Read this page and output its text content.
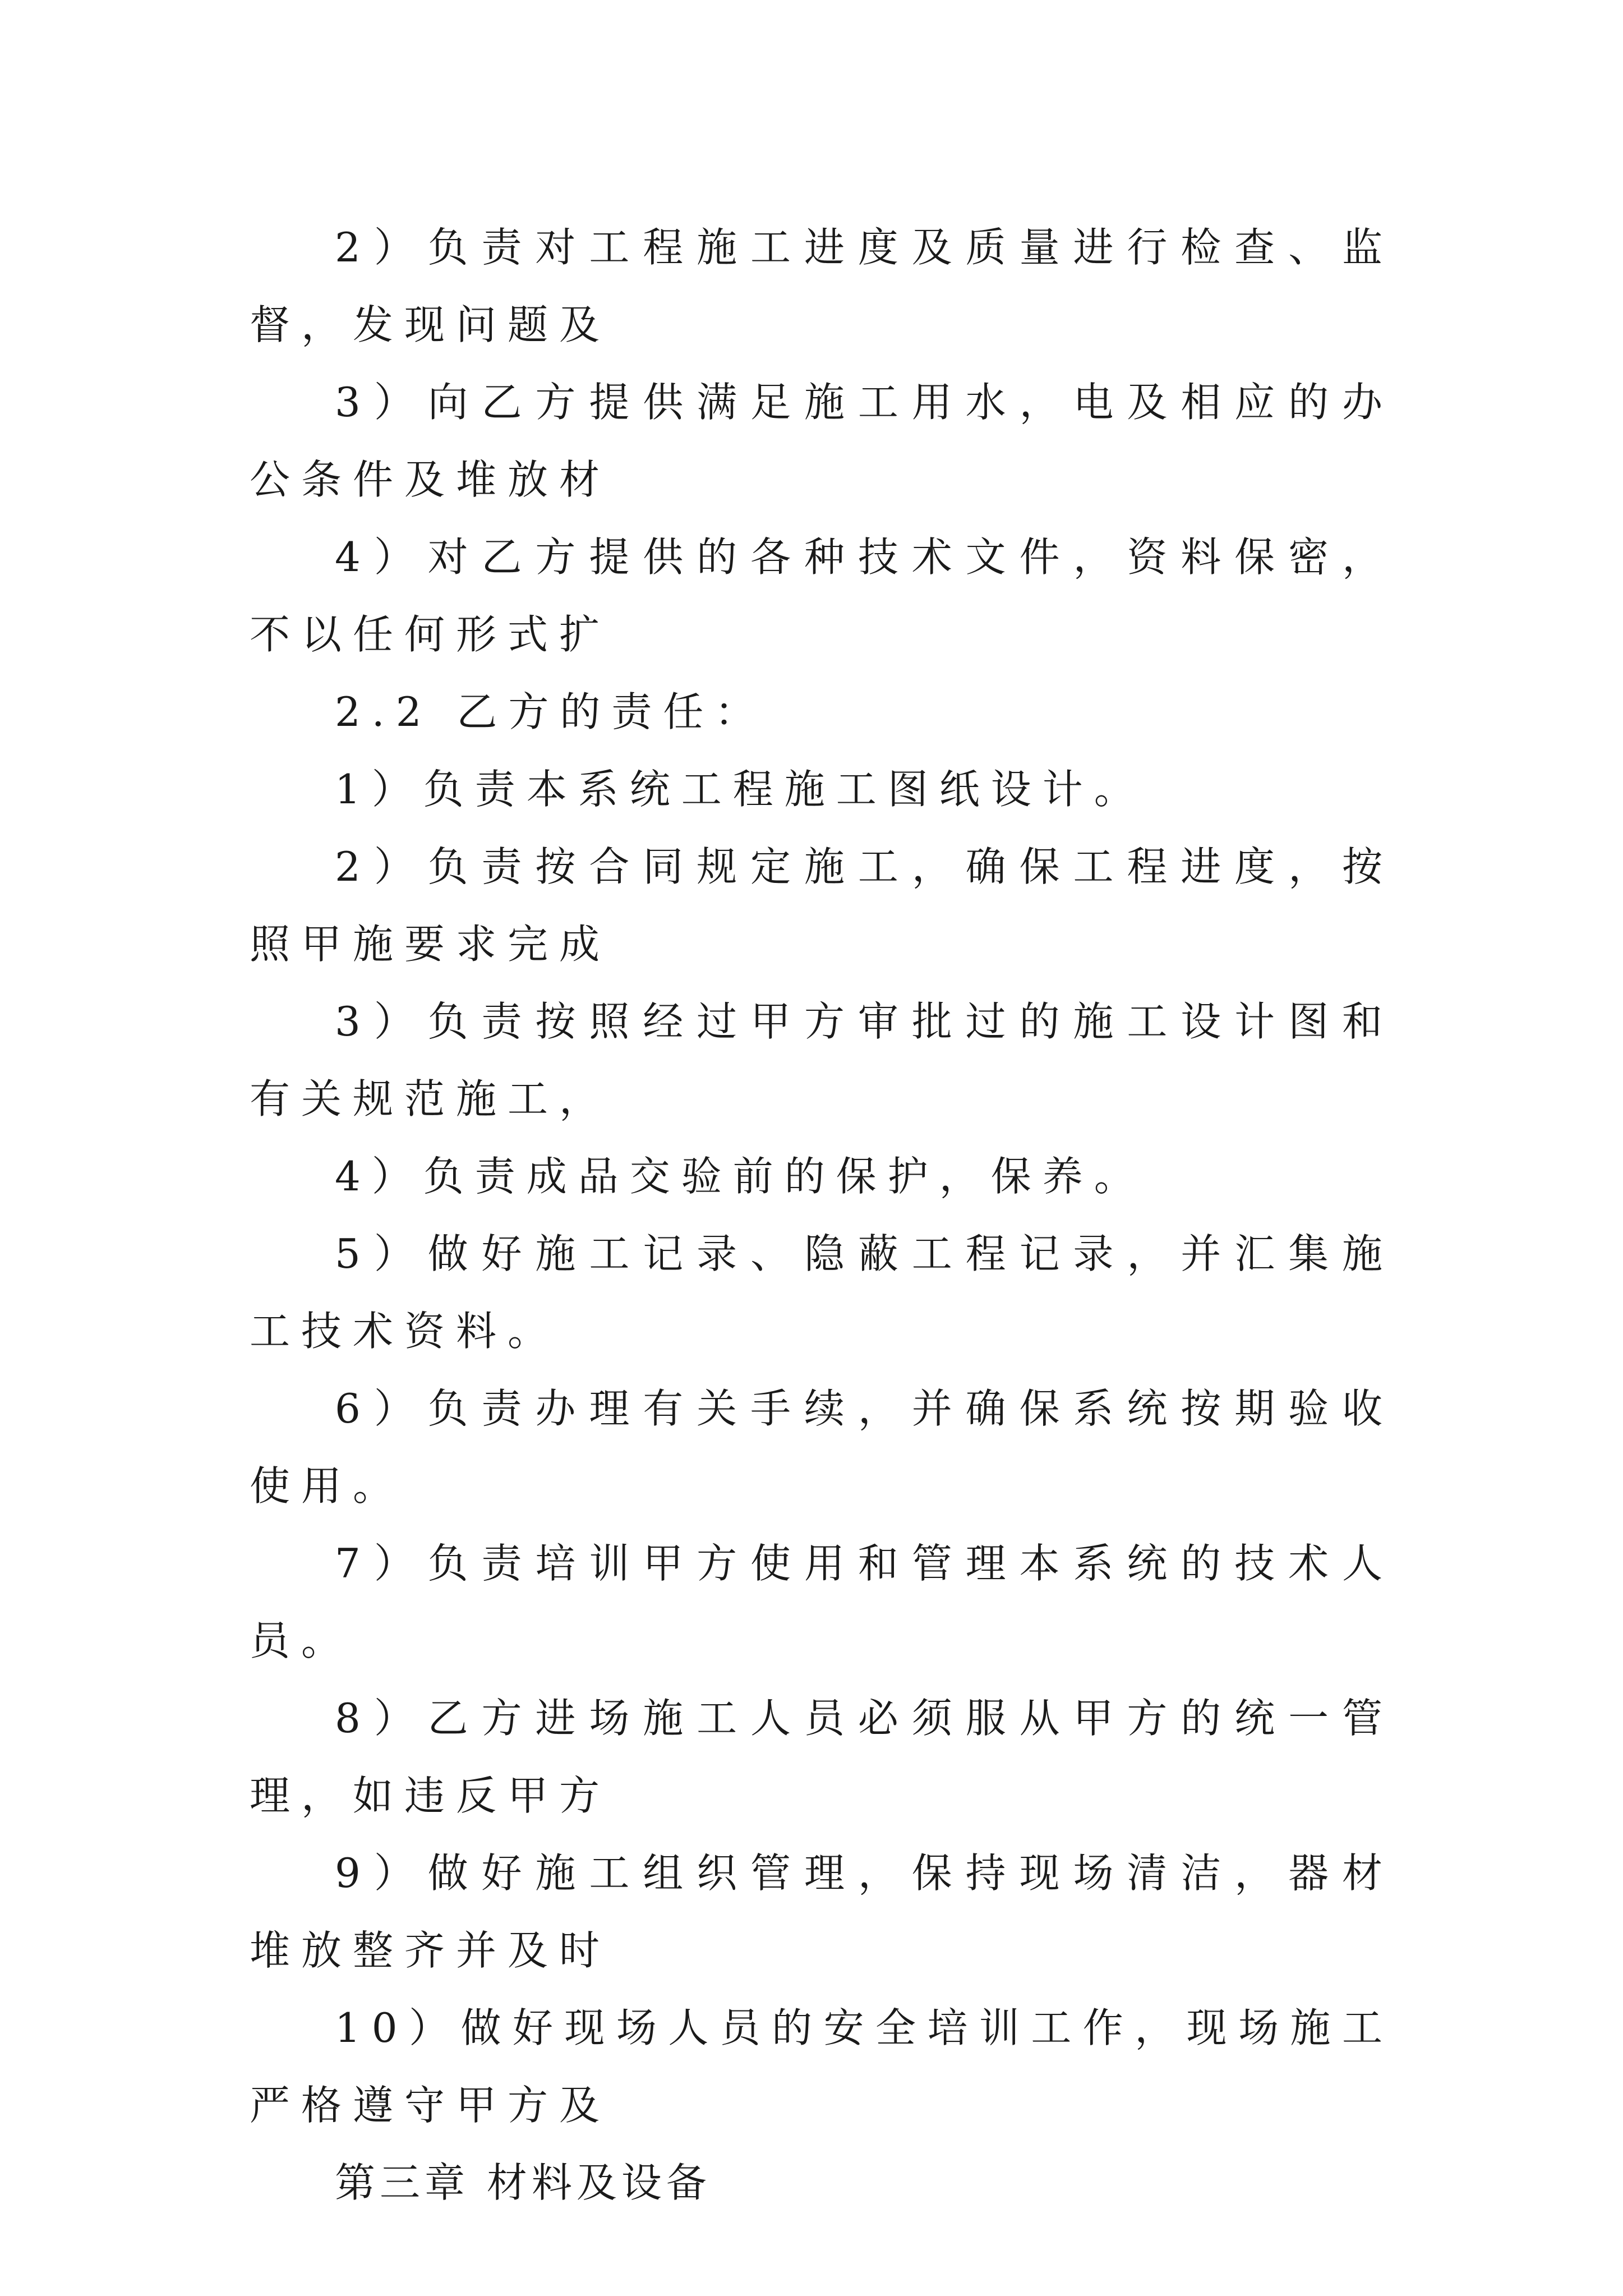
2）负责对工程施工进度及质量进行检查、监督，发现问题及

3）向乙方提供满足施工用水，电及相应的办公条件及堆放材

4）对乙方提供的各种技术文件，资料保密，不以任何形式扩

2.2 乙方的责任：

1）负责本系统工程施工图纸设计。

2）负责按合同规定施工，确保工程进度，按照甲施要求完成

3）负责按照经过甲方审批过的施工设计图和有关规范施工，

4）负责成品交验前的保护，保养。

5）做好施工记录、隐蔽工程记录，并汇集施工技术资料。

6）负责办理有关手续，并确保系统按期验收使用。

7）负责培训甲方使用和管理本系统的技术人员。

8）乙方进场施工人员必须服从甲方的统一管理，如违反甲方

9）做好施工组织管理，保持现场清洁，器材堆放整齐并及时

10）做好现场人员的安全培训工作，现场施工严格遵守甲方及

第三章 材料及设备
